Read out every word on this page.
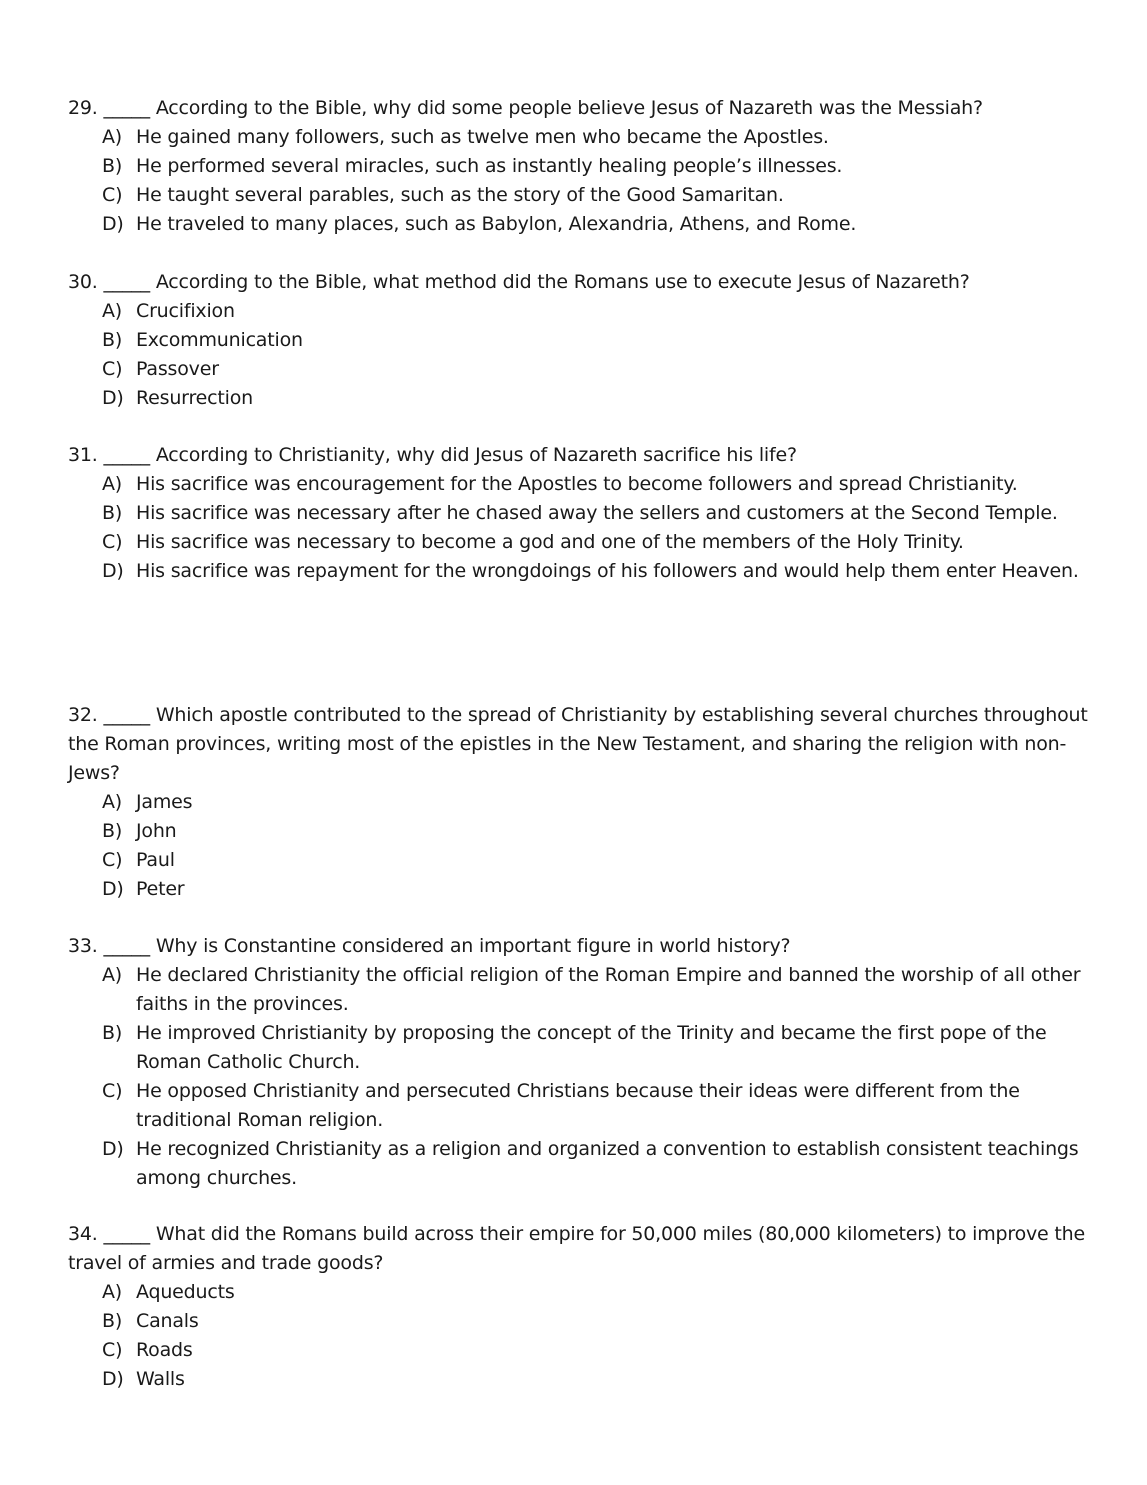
29. _____ According to the Bible, why did some people believe Jesus of Nazareth was the Messiah?

A) He gained many followers, such as twelve men who became the Apostles.
B) He performed several miracles, such as instantly healing people’s illnesses.
C) He taught several parables, such as the story of the Good Samaritan.
D) He traveled to many places, such as Babylon, Alexandria, Athens, and Rome.

30. _____ According to the Bible, what method did the Romans use to execute Jesus of Nazareth?

A) Crucifixion
B) Excommunication
C) Passover
D) Resurrection

31. _____ According to Christianity, why did Jesus of Nazareth sacrifice his life?

A) His sacrifice was encouragement for the Apostles to become followers and spread Christianity.
B) His sacrifice was necessary after he chased away the sellers and customers at the Second Temple.
C) His sacrifice was necessary to become a god and one of the members of the Holy Trinity.
D) His sacrifice was repayment for the wrongdoings of his followers and would help them enter Heaven.

32. _____ Which apostle contributed to the spread of Christianity by establishing several churches throughout the Roman provinces, writing most of the epistles in the New Testament, and sharing the religion with non-Jews?

A) James
B) John
C) Paul
D) Peter

33. _____ Why is Constantine considered an important figure in world history?

A) He declared Christianity the official religion of the Roman Empire and banned the worship of all other faiths in the provinces.
B) He improved Christianity by proposing the concept of the Trinity and became the first pope of the Roman Catholic Church.
C) He opposed Christianity and persecuted Christians because their ideas were different from the traditional Roman religion.
D) He recognized Christianity as a religion and organized a convention to establish consistent teachings among churches.

34. _____ What did the Romans build across their empire for 50,000 miles (80,000 kilometers) to improve the travel of armies and trade goods?

A) Aqueducts
B) Canals
C) Roads
D) Walls
